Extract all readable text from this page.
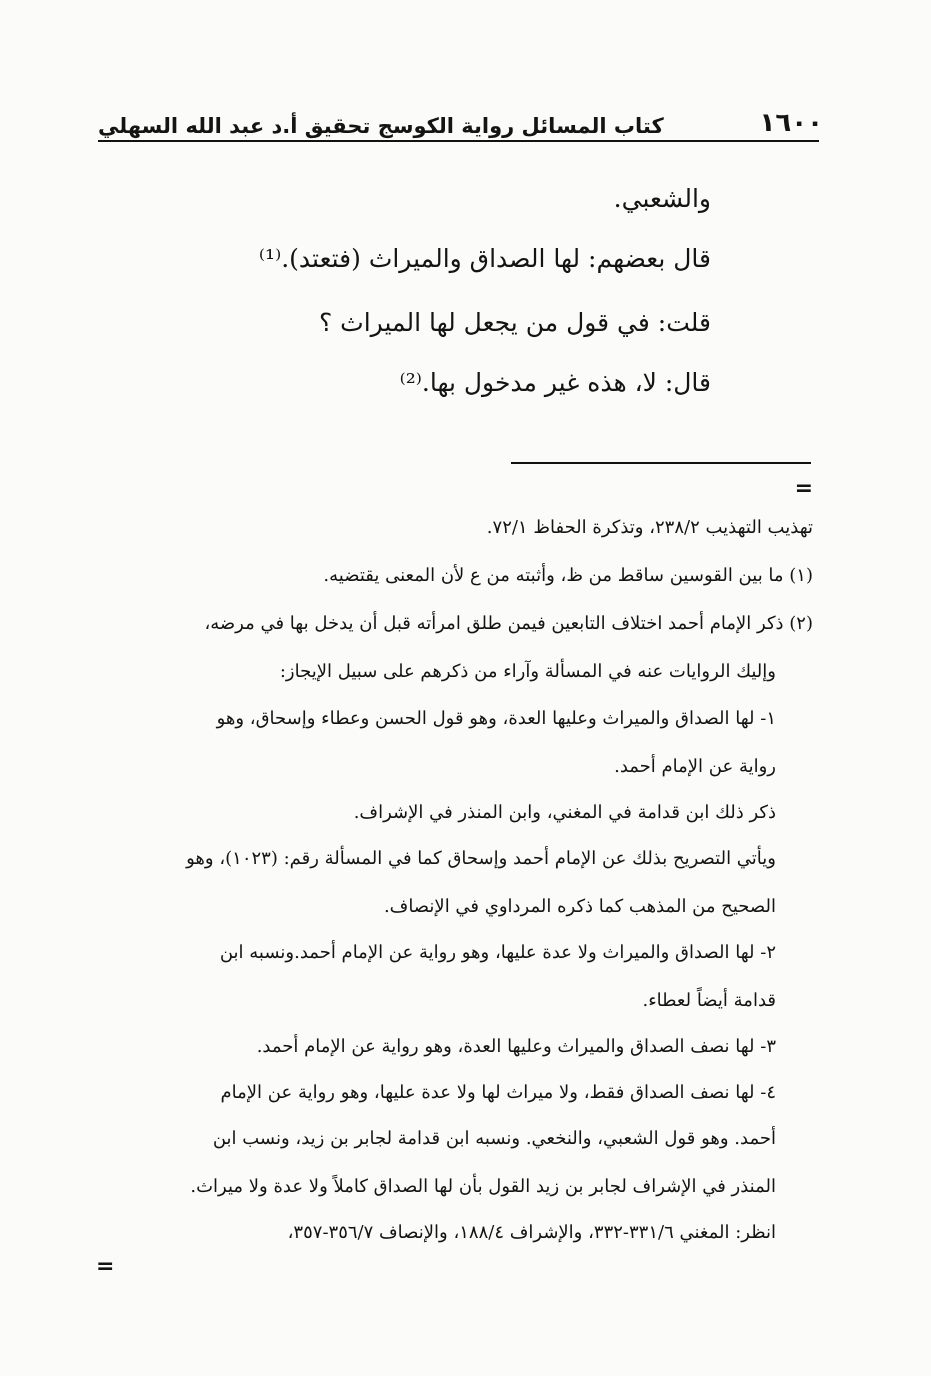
١٦٠٠
كتاب المسائل رواية الكوسج تحقيق أ.د عبد الله السهلي
والشعبي.
قال بعضهم: لها الصداق والميراث (فتعتد).⁽¹⁾
قلت: في قول من يجعل لها الميراث ؟
قال: لا، هذه غير مدخول بها.⁽²⁾
=
تهذيب التهذيب ٢٣٨/٢، وتذكرة الحفاظ ٧٢/١.
(١) ما بين القوسين ساقط من ظ، وأثبته من ع لأن المعنى يقتضيه.
(٢) ذكر الإمام أحمد اختلاف التابعين فيمن طلق امرأته قبل أن يدخل بها في مرضه،
وإليك الروايات عنه في المسألة وآراء من ذكرهم على سبيل الإيجاز:
١- لها الصداق والميراث وعليها العدة، وهو قول الحسن وعطاء وإسحاق، وهو
رواية عن الإمام أحمد.
ذكر ذلك ابن قدامة في المغني، وابن المنذر في الإشراف.
ويأتي التصريح بذلك عن الإمام أحمد وإسحاق كما في المسألة رقم: (١٠٢٣)، وهو
الصحيح من المذهب كما ذكره المرداوي في الإنصاف.
٢- لها الصداق والميراث ولا عدة عليها، وهو رواية عن الإمام أحمد.ونسبه ابن
قدامة أيضاً لعطاء.
٣- لها نصف الصداق والميراث وعليها العدة، وهو رواية عن الإمام أحمد.
٤- لها نصف الصداق فقط، ولا ميراث لها ولا عدة عليها، وهو رواية عن الإمام
أحمد. وهو قول الشعبي، والنخعي. ونسبه ابن قدامة لجابر بن زيد، ونسب ابن
المنذر في الإشراف لجابر بن زيد القول بأن لها الصداق كاملاً ولا عدة ولا ميراث.
انظر: المغني ٣٣١/٦-٣٣٢، والإشراف ١٨٨/٤، والإنصاف ٣٥٦/٧-٣٥٧،
=
